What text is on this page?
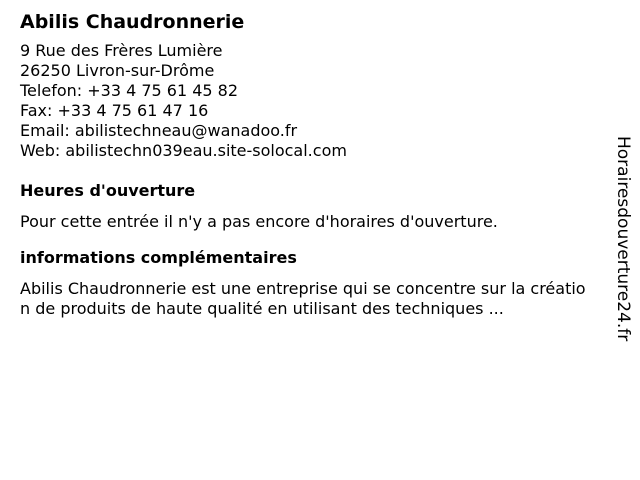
Abilis Chaudronnerie
9 Rue des Frères Lumière
26250 Livron-sur-Drôme
Telefon: +33 4 75 61 45 82
Fax: +33 4 75 61 47 16
Email: abilistechneau@wanadoo.fr
Web: abilistechn039eau.site-solocal.com
Heures d'ouverture

Pour cette entrée il n'y a pas encore d'horaires d'ouverture.

informations complémentaires

Abilis Chaudronnerie est une entreprise qui se concentre sur la création de produits de haute qualité en utilisant des techniques ...	Horairesdouverture24.fr
